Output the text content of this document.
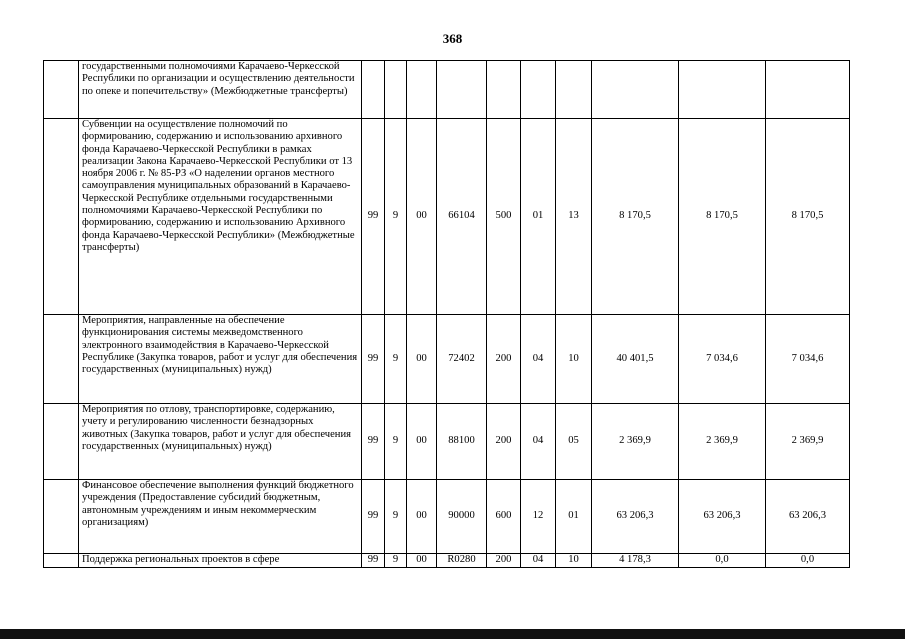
368
	государственными полномочиями Карачаево-Черкесской Республики по организации и осуществлению деятельности по опеке и попечительству» (Межбюджетные трансферты)										
	Субвенции на осуществление полномочий по формированию, содержанию и использованию архивного фонда Карачаево-Черкесской Республики в рамках реализации Закона Карачаево-Черкесской Республики от 13 ноября 2006 г. № 85-РЗ «О наделении органов местного самоуправления муниципальных образований в Карачаево-Черкесской Республике отдельными государственными полномочиями Карачаево-Черкесской Республики по формированию, содержанию и использованию Архивного фонда Карачаево-Черкесской Республики» (Межбюджетные трансферты)	99	9	00	66104	500	01	13	8 170,5	8 170,5	8 170,5
	Мероприятия, направленные на обеспечение функционирования системы межведомственного электронного взаимодействия в Карачаево-Черкесской Республике (Закупка товаров, работ и услуг для обеспечения государственных (муниципальных) нужд)	99	9	00	72402	200	04	10	40 401,5	7 034,6	7 034,6
	Мероприятия по отлову, транспортировке, содержанию, учету и регулированию численности безнадзорных животных (Закупка товаров, работ и услуг для обеспечения государственных (муниципальных) нужд)	99	9	00	88100	200	04	05	2 369,9	2 369,9	2 369,9
	Финансовое обеспечение выполнения функций бюджетного учреждения (Предоставление субсидий бюджетным, автономным учреждениям и иным некоммерческим организациям)	99	9	00	90000	600	12	01	63 206,3	63 206,3	63 206,3
	Поддержка региональных проектов в сфере	99	9	00	R0280	200	04	10	4 178,3	0,0	0,0
